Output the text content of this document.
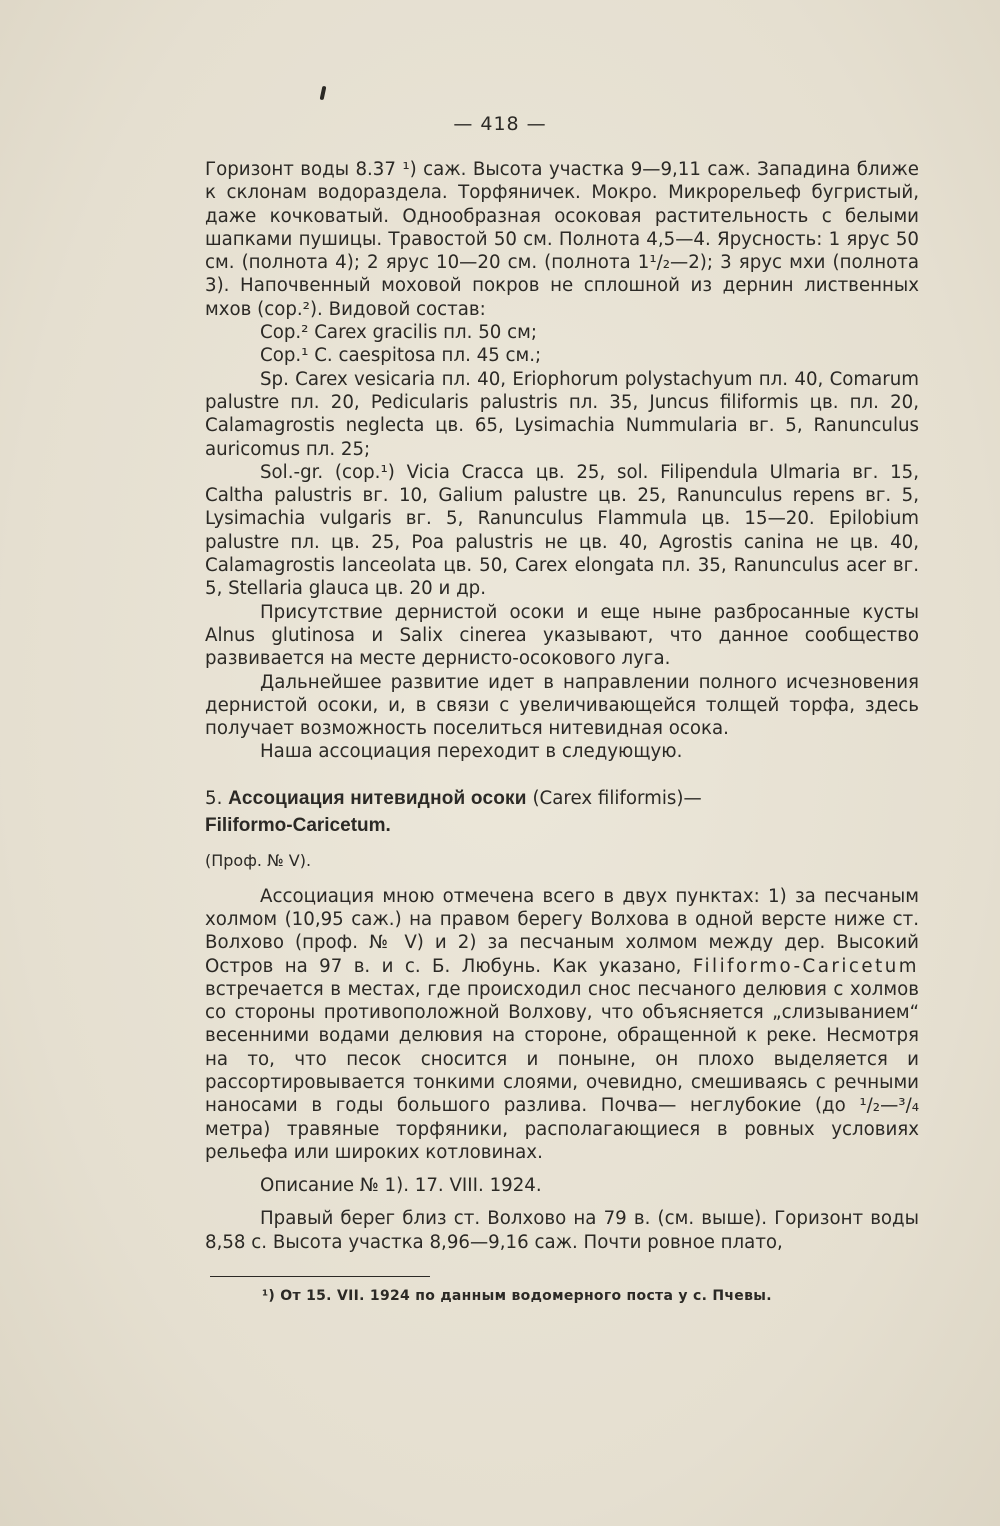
— 418 —

Горизонт воды 8.37 ¹) саж. Высота участка 9—9,11 саж. Западина ближе к склонам водораздела. Торфяничек. Мокро. Микрорельеф бугристый, даже кочковатый. Однообразная осоковая растительность с белыми шапками пушицы. Травостой 50 см. Полнота 4,5—4. Ярусность: 1 ярус 50 см. (полнота 4); 2 ярус 10—20 см. (полнота 1¹/₂—2); 3 ярус мхи (полнота 3). Напочвенный моховой покров не сплошной из дернин лиственных мхов (сор.²). Видовой состав:

Сор.² Carex gracilis пл. 50 см;

Сор.¹ С. caespitosa пл. 45 см.;

Sp. Carex vesicaria пл. 40, Eriophorum polystachyum пл. 40, Comarum palustre пл. 20, Pedicularis palustris пл. 35, Juncus filiformis цв. пл. 20, Calamagrostis neglecta цв. 65, Lysimachia Nummularia вг. 5, Ranunculus auricomus пл. 25;

Sol.-gr. (сор.¹) Vicia Cracca цв. 25, sol. Filipendula Ulmaria вг. 15, Caltha palustris вг. 10, Galium palustre цв. 25, Ranunculus repens вг. 5, Lysimachia vulgaris вг. 5, Ranunculus Flammula цв. 15—20. Epilobium palustre пл. цв. 25, Poa palustris не цв. 40, Agrostis canina не цв. 40, Calamagrostis lanceolata цв. 50, Carex elongata пл. 35, Ranunculus acer вг. 5, Stellaria glauca цв. 20 и др.

Присутствие дернистой осоки и еще ныне разбросанные кусты Alnus glutinosa и Salix cinerea указывают, что данное сообщество развивается на месте дернисто-осокового луга.

Дальнейшее развитие идет в направлении полного исчезновения дернистой осоки, и, в связи с увеличивающейся толщей торфа, здесь получает возможность поселиться нитевидная осока.

Наша ассоциация переходит в следующую.

5. Ассоциация нитевидной осоки (Carex filiformis)—

Filiformo-Caricetum.

(Проф. № V).

Ассоциация мною отмечена всего в двух пунктах: 1) за песчаным холмом (10,95 саж.) на правом берегу Волхова в одной версте ниже ст. Волхово (проф. № V) и 2) за песчаным холмом между дер. Высокий Остров на 97 в. и с. Б. Любунь. Как указано, Filiformo-Caricetum встречается в местах, где происходил снос песчаного делювия с холмов со стороны противоположной Волхову, что объясняется „слизыванием“ весенними водами делювия на стороне, обращенной к реке. Несмотря на то, что песок сносится и поныне, он плохо выделяется и рассортировывается тонкими слоями, очевидно, смешиваясь с речными наносами в годы большого разлива. Почва— неглубокие (до ¹/₂—³/₄ метра) травяные торфяники, располагающиеся в ровных условиях рельефа или широких котловинах.

Описание № 1). 17. VIII. 1924.

Правый берег близ ст. Волхово на 79 в. (см. выше). Горизонт воды 8,58 с. Высота участка 8,96—9,16 саж. Почти ровное плато,

¹) От 15. VII. 1924 по данным водомерного поста у с. Пчевы.
